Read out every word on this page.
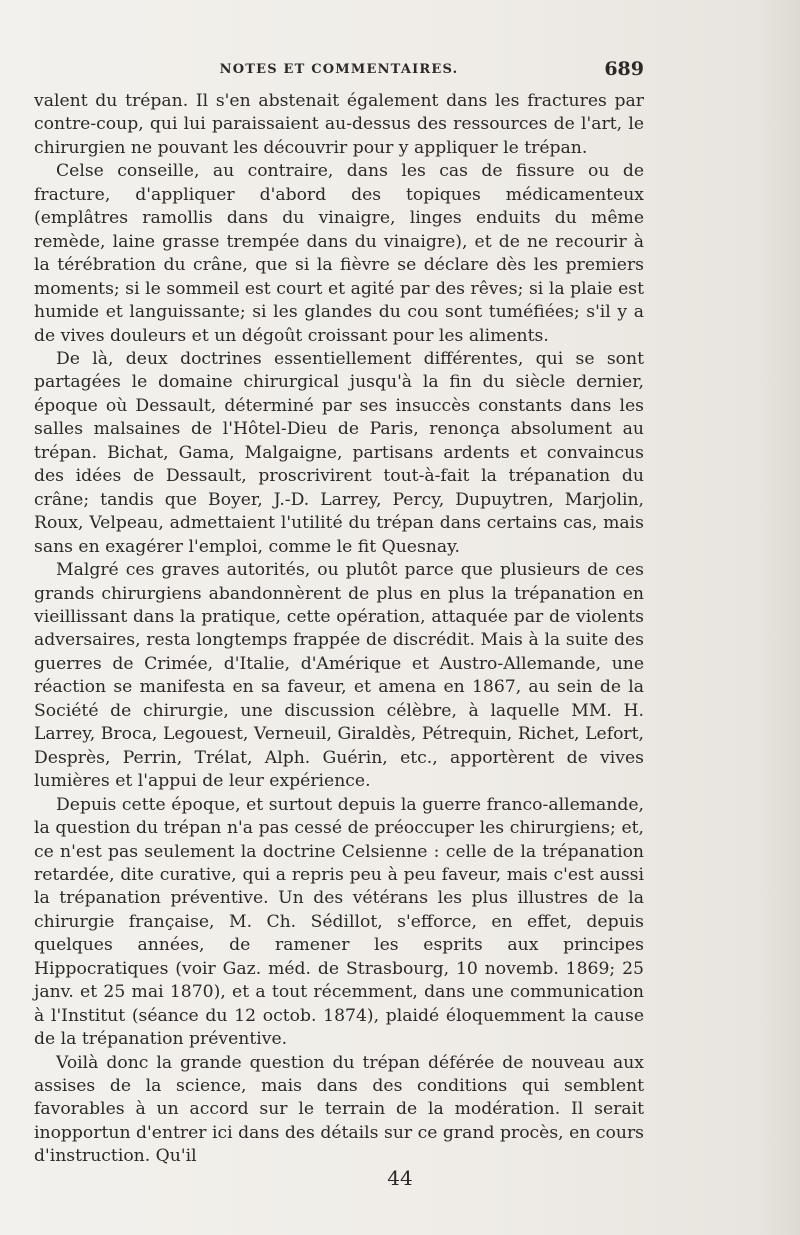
NOTES ET COMMENTAIRES.	689

valent du trépan. Il s'en abstenait également dans les fractures par contre-coup, qui lui paraissaient au-dessus des ressources de l'art, le chirurgien ne pouvant les découvrir pour y appliquer le trépan.

Celse conseille, au contraire, dans les cas de fissure ou de fracture, d'appliquer d'abord des topiques médicamenteux (emplâtres ramollis dans du vinaigre, linges enduits du même remède, laine grasse trempée dans du vinaigre), et de ne recourir à la térébration du crâne, que si la fièvre se déclare dès les premiers moments; si le sommeil est court et agité par des rêves; si la plaie est humide et languissante; si les glandes du cou sont tuméfiées; s'il y a de vives douleurs et un dégoût croissant pour les aliments.

De là, deux doctrines essentiellement différentes, qui se sont partagées le domaine chirurgical jusqu'à la fin du siècle dernier, époque où Dessault, déterminé par ses insuccès constants dans les salles malsaines de l'Hôtel-Dieu de Paris, renonça absolument au trépan. Bichat, Gama, Malgaigne, partisans ardents et convaincus des idées de Dessault, proscrivirent tout-à-fait la trépanation du crâne; tandis que Boyer, J.-D. Larrey, Percy, Dupuytren, Marjolin, Roux, Velpeau, admettaient l'utilité du trépan dans certains cas, mais sans en exagérer l'emploi, comme le fit Quesnay.

Malgré ces graves autorités, ou plutôt parce que plusieurs de ces grands chirurgiens abandonnèrent de plus en plus la trépanation en vieillissant dans la pratique, cette opération, attaquée par de violents adversaires, resta longtemps frappée de discrédit. Mais à la suite des guerres de Crimée, d'Italie, d'Amérique et Austro-Allemande, une réaction se manifesta en sa faveur, et amena en 1867, au sein de la Société de chirurgie, une discussion célèbre, à laquelle MM. H. Larrey, Broca, Legouest, Verneuil, Giraldès, Pétrequin, Richet, Lefort, Desprès, Perrin, Trélat, Alph. Guérin, etc., apportèrent de vives lumières et l'appui de leur expérience.

Depuis cette époque, et surtout depuis la guerre franco-allemande, la question du trépan n'a pas cessé de préoccuper les chirurgiens; et, ce n'est pas seulement la doctrine Celsienne : celle de la trépanation retardée, dite curative, qui a repris peu à peu faveur, mais c'est aussi la trépanation préventive. Un des vétérans les plus illustres de la chirurgie française, M. Ch. Sédillot, s'efforce, en effet, depuis quelques années, de ramener les esprits aux principes Hippocratiques (voir Gaz. méd. de Strasbourg, 10 novemb. 1869; 25 janv. et 25 mai 1870), et a tout récemment, dans une communication à l'Institut (séance du 12 octob. 1874), plaidé éloquemment la cause de la trépanation préventive.

Voilà donc la grande question du trépan déférée de nouveau aux assises de la science, mais dans des conditions qui semblent favorables à un accord sur le terrain de la modération. Il serait inopportun d'entrer ici dans des détails sur ce grand procès, en cours d'instruction. Qu'il

44
